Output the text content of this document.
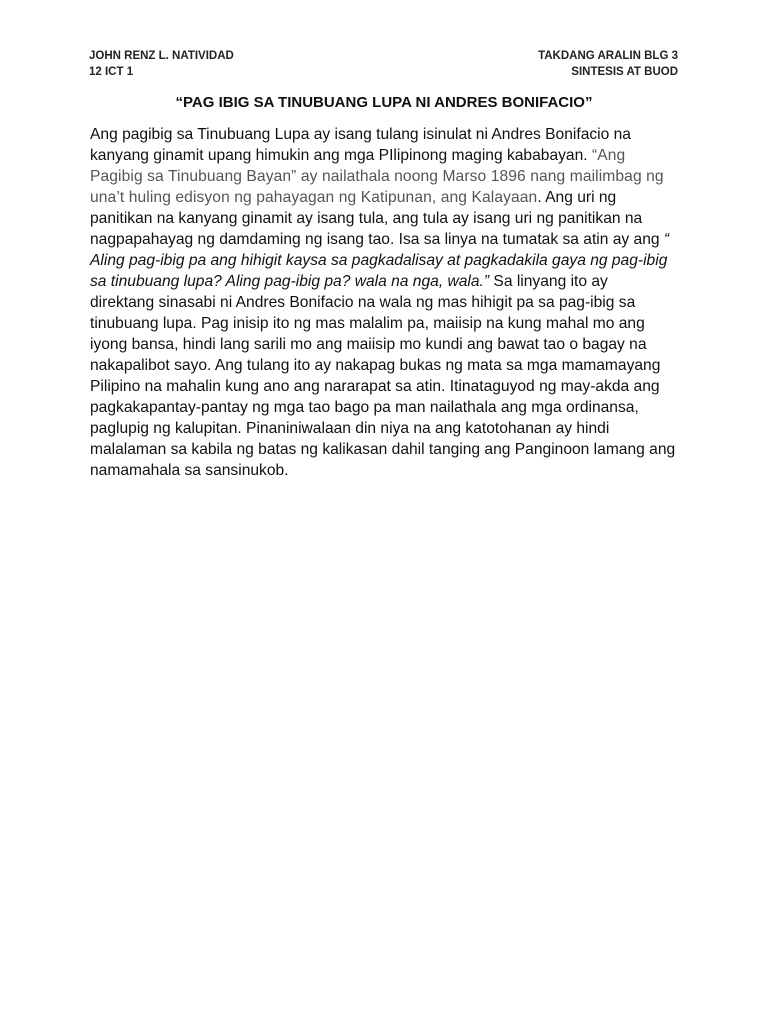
JOHN RENZ L. NATIVIDAD
12 ICT 1
TAKDANG ARALIN BLG 3
SINTESIS AT BUOD
“PAG IBIG SA TINUBUANG LUPA NI ANDRES BONIFACIO”

Ang pagibig sa Tinubuang Lupa ay isang tulang isinulat ni Andres Bonifacio na kanyang ginamit upang himukin ang mga PIlipinong maging kababayan. “Ang Pagibig sa Tinubuang Bayan” ay nailathala noong Marso 1896 nang mailimbag ng una’t huling edisyon ng pahayagan ng Katipunan, ang Kalayaan. Ang uri ng panitikan na kanyang ginamit ay isang tula, ang tula ay isang uri ng panitikan na nagpapahayag ng damdaming ng isang tao. Isa sa linya na tumatak sa atin ay ang “ Aling pag-ibig pa ang hihigit kaysa sa pagkadalisay at pagkadakila gaya ng pag-ibig sa tinubuang lupa? Aling pag-ibig pa? wala na nga, wala.” Sa linyang ito ay direktang sinasabi ni Andres Bonifacio na wala ng mas hihigit pa sa pag-ibig sa tinubuang lupa. Pag inisip ito ng mas malalim pa, maiisip na kung mahal mo ang iyong bansa, hindi lang sarili mo ang maiisip mo kundi ang bawat tao o bagay na nakapalibot sayo. Ang tulang ito ay nakapag bukas ng mata sa mga mamamayang Pilipino na mahalin kung ano ang nararapat sa atin. Itinataguyod ng may-akda ang pagkakapantay-pantay ng mga tao bago pa man nailathala ang mga ordinansa, paglupig ng kalupitan. Pinaniniwalaan din niya na ang katotohanan ay hindi malalaman sa kabila ng batas ng kalikasan dahil tanging ang Panginoon lamang ang namamahala sa sansinukob.
